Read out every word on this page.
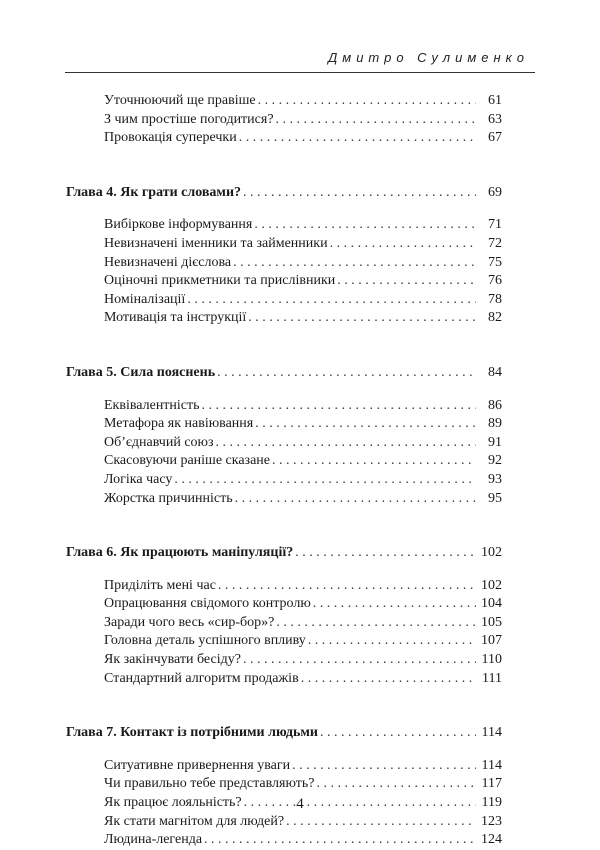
Дмитро Сулименко
Уточнюючий ще правіше . . .	61
З чим простіше погодитися? . . .	63
Провокація суперечки . . .	67
Глава 4. Як грати словами? . . .	69
Вибіркове інформування . . .	71
Невизначені іменники та займенники . . .	72
Невизначені дієслова . . .	75
Оціночні прикметники та прислівники . . .	76
Номіналізації . . .	78
Мотивація та інструкції . . .	82
Глава 5. Сила пояснень . . .	84
Еквівалентність . . .	86
Метафора як навіювання . . .	89
Об’єднавчий союз . . .	91
Скасовуючи раніше сказане . . .	92
Логіка часу . . .	93
Жорстка причинність . . .	95
Глава 6. Як працюють маніпуляції? . . .	102
Приділіть мені час . . .	102
Опрацювання свідомого контролю . . .	104
Заради чого весь «сир-бор»? . . .	105
Головна деталь успішного впливу . . .	107
Як закінчувати бесіду? . . .	110
Стандартний алгоритм продажів . . .	111
Глава 7. Контакт із потрібними людьми . . .	114
Ситуативне привернення уваги . . .	114
Чи правильно тебе представляють? . . .	117
Як працює лояльність? . . .	119
Як стати магнітом для людей? . . .	123
Людина-легенда . . .	124
4
